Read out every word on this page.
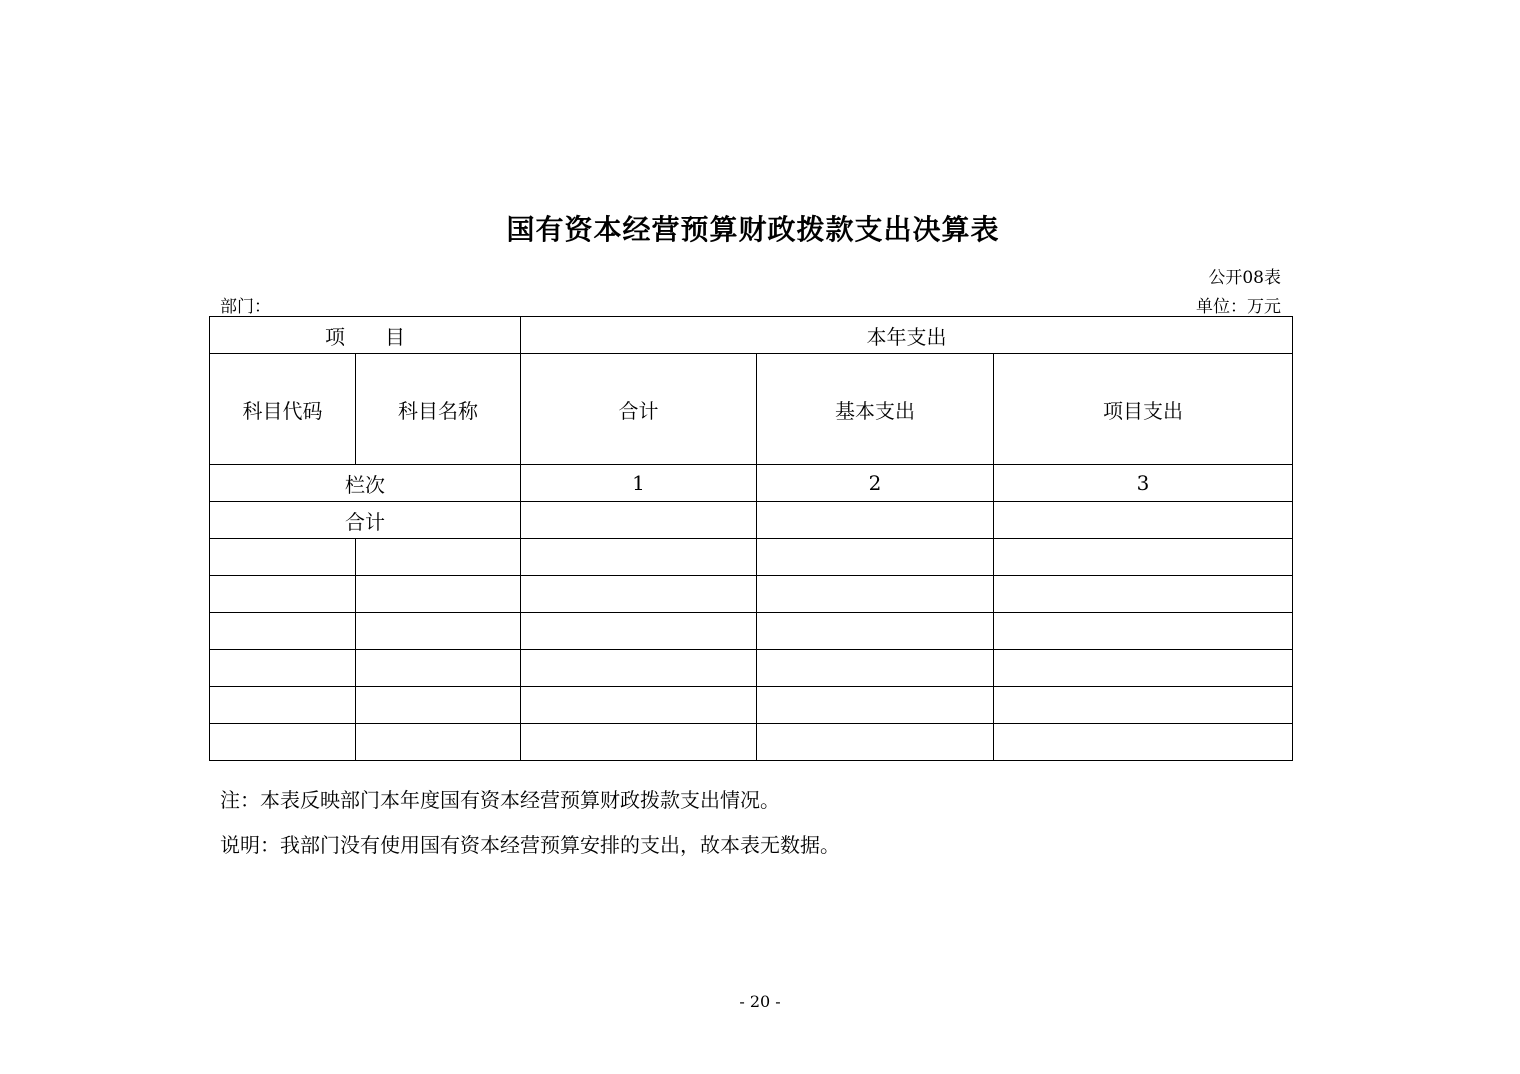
国有资本经营预算财政拨款支出决算表
公开08表
部门：	单位：万元
项　　目		本年支出		
科目代码	科目名称	合计	基本支出	项目支出
栏次		1	2	3
合计				

注：本表反映部门本年度国有资本经营预算财政拨款支出情况。
说明：我部门没有使用国有资本经营预算安排的支出，故本表无数据。
- 20 -
